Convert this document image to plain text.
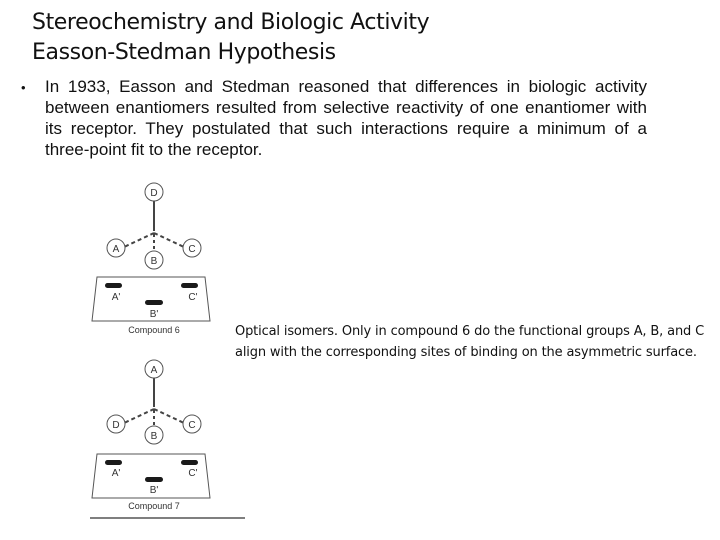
Stereochemistry and Biologic Activity
Easson-Stedman Hypothesis
• In 1933, Easson and Stedman reasoned that differences in biologic activity between enantiomers resulted from selective reactivity of one enantiomer with its receptor. They postulated that such interactions require a minimum of a three-point fit to the receptor.

D
A	C
B
A'	C'
B'
Compound 6
A
D	C
B
A'	C'
B'
Compound 7

Optical isomers. Only in compound 6 do the functional groups A, B, and C align with the corresponding sites of binding on the asymmetric surface.
